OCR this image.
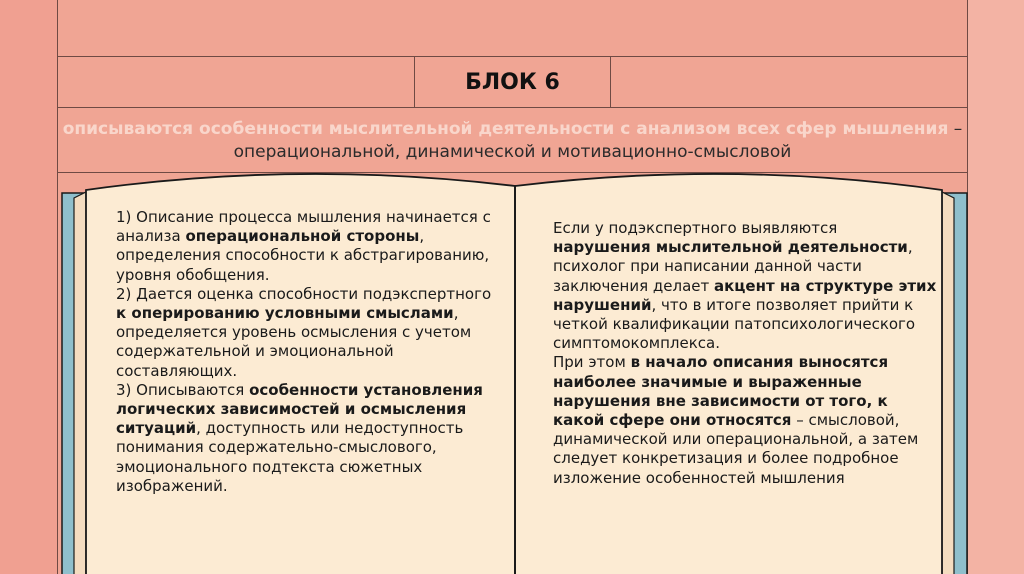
БЛОК 6
описываются особенности мыслительной деятельности с анализом всех сфер мышления – операциональной, динамической и мотивационно-смысловой
1) Описание процесса мышления начинается с анализа операциональной стороны, определения способности к абстрагированию, уровня обобщения.
2) Дается оценка способности подэкспертного к оперированию условными смыслами, определяется уровень осмысления с учетом содержательной и эмоциональной составляющих.
3) Описываются особенности установления логических зависимостей и осмысления ситуаций, доступность или недоступность понимания содержательно-смыслового, эмоционального подтекста сюжетных изображений.
Если у подэкспертного выявляются нарушения мыслительной деятельности, психолог при написании данной части заключения делает акцент на структуре этих нарушений, что в итоге позволяет прийти к четкой квалификации патопсихологического симптомокомплекса.
При этом в начало описания выносятся наиболее значимые и выраженные нарушения вне зависимости от того, к какой сфере они относятся – смысловой, динамической или операциональной, а затем следует конкретизация и более подробное изложение особенностей мышления
